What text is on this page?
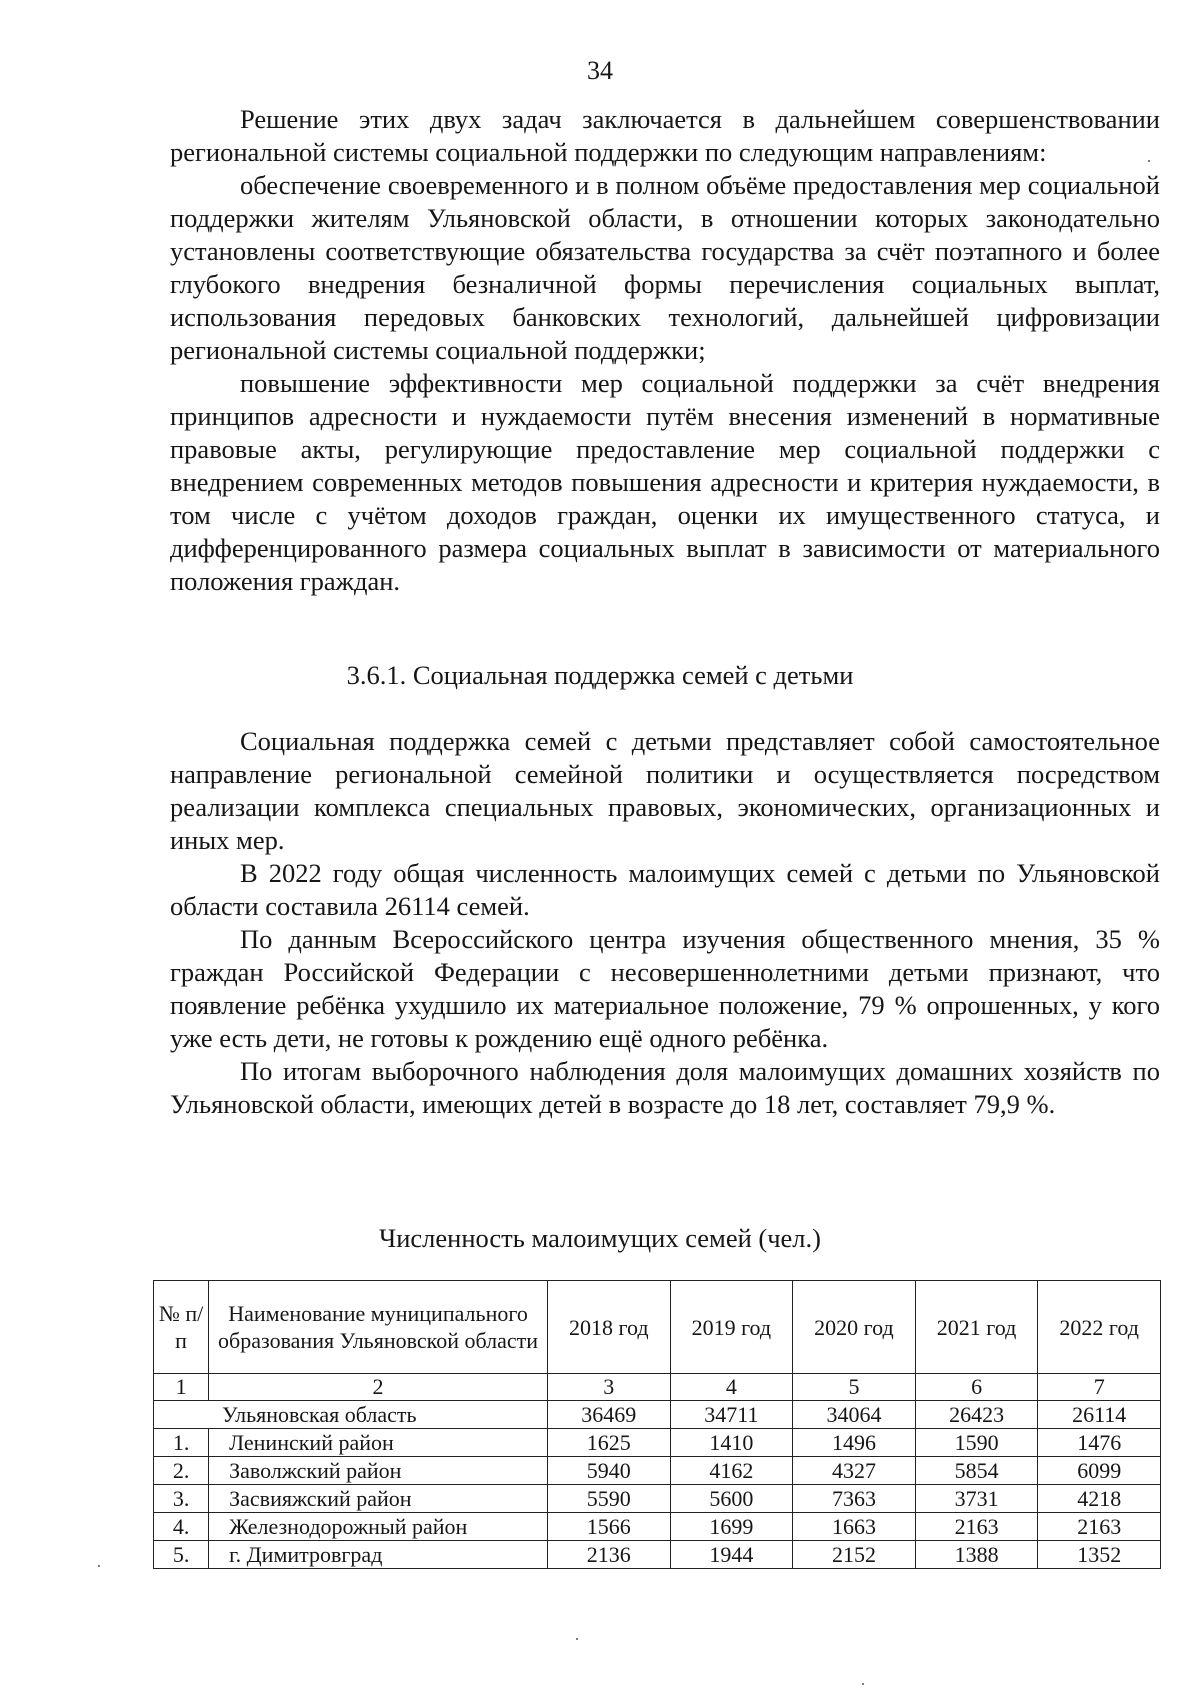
34

Решение этих двух задач заключается в дальнейшем совершенствовании региональной системы социальной поддержки по следующим направлениям:

обеспечение своевременного и в полном объёме предоставления мер социальной поддержки жителям Ульяновской области, в отношении которых законодательно установлены соответствующие обязательства государства за счёт поэтапного и более глубокого внедрения безналичной формы перечисления социальных выплат, использования передовых банковских технологий, дальнейшей цифровизации региональной системы социальной поддержки;

повышение эффективности мер социальной поддержки за счёт внедрения принципов адресности и нуждаемости путём внесения изменений в нормативные правовые акты, регулирующие предоставление мер социальной поддержки с внедрением современных методов повышения адресности и критерия нуждаемости, в том числе с учётом доходов граждан, оценки их имущественного статуса, и дифференцированного размера социальных выплат в зависимости от материального положения граждан.

3.6.1. Социальная поддержка семей с детьми

Социальная поддержка семей с детьми представляет собой самостоятельное направление региональной семейной политики и осуществляется посредством реализации комплекса специальных правовых, экономических, организационных и иных мер.

В 2022 году общая численность малоимущих семей с детьми по Ульяновской области составила 26114 семей.

По данным Всероссийского центра изучения общественного мнения, 35 % граждан Российской Федерации с несовершеннолетними детьми признают, что появление ребёнка ухудшило их материальное положение, 79 % опрошенных, у кого уже есть дети, не готовы к рождению ещё одного ребёнка.

По итогам выборочного наблюдения доля малоимущих домашних хозяйств по Ульяновской области, имеющих детей в возрасте до 18 лет, составляет 79,9 %.

Численность малоимущих семей (чел.)
№ п/п	Наименование муниципального образования Ульяновской области	2018 год	2019 год	2020 год	2021 год	2022 год
1	2	3	4	5	6	7
Ульяновская область		36469	34711	34064	26423	26114
1.	Ленинский район	1625	1410	1496	1590	1476
2.	Заволжский район	5940	4162	4327	5854	6099
3.	Засвияжский район	5590	5600	7363	3731	4218
4.	Железнодорожный район	1566	1699	1663	2163	2163
5.	г. Димитровград	2136	1944	2152	1388	1352
